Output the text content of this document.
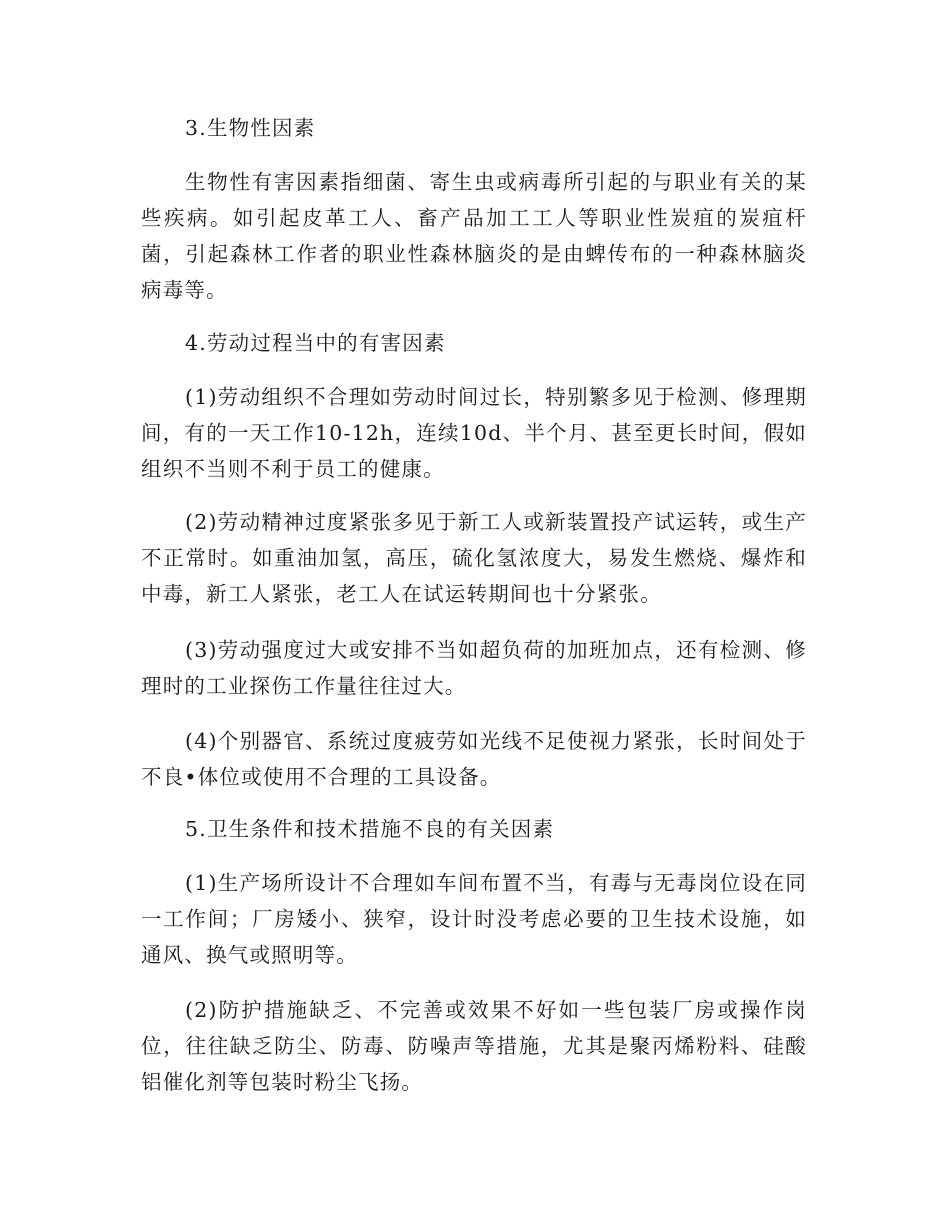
3.生物性因素

生物性有害因素指细菌、寄生虫或病毒所引起的与职业有关的某些疾病。如引起皮革工人、畜产品加工工人等职业性炭疽的炭疽杆菌，引起森林工作者的职业性森林脑炎的是由蜱传布的一种森林脑炎病毒等。

4.劳动过程当中的有害因素

(1)劳动组织不合理如劳动时间过长，特别繁多见于检测、修理期间，有的一天工作10-12h，连续10d、半个月、甚至更长时间，假如组织不当则不利于员工的健康。

(2)劳动精神过度紧张多见于新工人或新装置投产试运转，或生产不正常时。如重油加氢，高压，硫化氢浓度大，易发生燃烧、爆炸和中毒，新工人紧张，老工人在试运转期间也十分紧张。

(3)劳动强度过大或安排不当如超负荷的加班加点，还有检测、修理时的工业探伤工作量往往过大。

(4)个别器官、系统过度疲劳如光线不足使视力紧张，长时间处于不良•体位或使用不合理的工具设备。

5.卫生条件和技术措施不良的有关因素

(1)生产场所设计不合理如车间布置不当，有毒与无毒岗位设在同一工作间；厂房矮小、狭窄，设计时没考虑必要的卫生技术设施，如通风、换气或照明等。

(2)防护措施缺乏、不完善或效果不好如一些包装厂房或操作岗位，往往缺乏防尘、防毒、防噪声等措施，尤其是聚丙烯粉料、硅酸铝催化剂等包装时粉尘飞扬。
